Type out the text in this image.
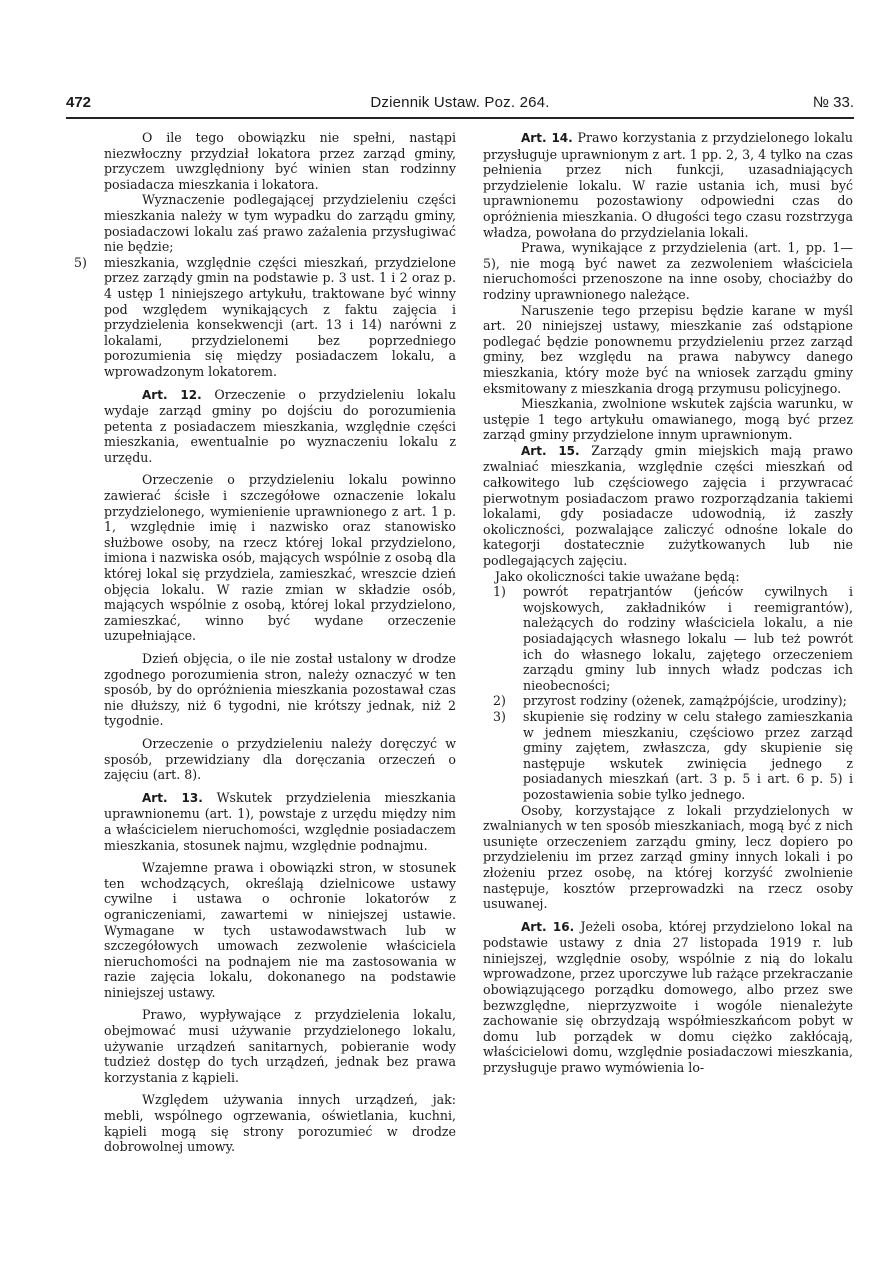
472	Dziennik Ustaw. Poz. 264.	№ 33.

O ile tego obowiązku nie spełni, nastąpi niezwłoczny przydział lokatora przez zarząd gminy, przyczem uwzględniony być winien stan rodzinny posiadacza mieszkania i lokatora.

Wyznaczenie podlegającej przydzieleniu części mieszkania należy w tym wypadku do zarządu gminy, posiadaczowi lokalu zaś prawo zażalenia przysługiwać nie będzie;

5) mieszkania, względnie części mieszkań, przydzielone przez zarządy gmin na podstawie p. 3 ust. 1 i 2 oraz p. 4 ustęp 1 niniejszego artykułu, traktowane być winny pod względem wynikających z faktu zajęcia i przydzielenia konsekwencji (art. 13 i 14) narówni z lokalami, przydzielonemi bez poprzedniego porozumienia się między posiadaczem lokalu, a wprowadzonym lokatorem.

Art. 12. Orzeczenie o przydzieleniu lokalu wydaje zarząd gminy po dojściu do porozumienia petenta z posiadaczem mieszkania, względnie części mieszkania, ewentualnie po wyznaczeniu lokalu z urzędu.

Orzeczenie o przydzieleniu lokalu powinno zawierać ścisłe i szczegółowe oznaczenie lokalu przydzielonego, wymienienie uprawnionego z art. 1 p. 1, względnie imię i nazwisko oraz stanowisko służbowe osoby, na rzecz której lokal przydzielono, imiona i nazwiska osób, mających wspólnie z osobą dla której lokal się przydziela, zamieszkać, wreszcie dzień objęcia lokalu. W razie zmian w składzie osób, mających wspólnie z osobą, której lokal przydzielono, zamieszkać, winno być wydane orzeczenie uzupełniające.

Dzień objęcia, o ile nie został ustalony w drodze zgodnego porozumienia stron, należy oznaczyć w ten sposób, by do opróżnienia mieszkania pozostawał czas nie dłuższy, niż 6 tygodni, nie krótszy jednak, niż 2 tygodnie.

Orzeczenie o przydzieleniu należy doręczyć w sposób, przewidziany dla doręczania orzeczeń o zajęciu (art. 8).

Art. 13. Wskutek przydzielenia mieszkania uprawnionemu (art. 1), powstaje z urzędu między nim a właścicielem nieruchomości, względnie posiadaczem mieszkania, stosunek najmu, względnie podnajmu.

Wzajemne prawa i obowiązki stron, w stosunek ten wchodzących, określają dzielnicowe ustawy cywilne i ustawa o ochronie lokatorów z ograniczeniami, zawartemi w niniejszej ustawie. Wymagane w tych ustawodawstwach lub w szczegółowych umowach zezwolenie właściciela nieruchomości na podnajem nie ma zastosowania w razie zajęcia lokalu, dokonanego na podstawie niniejszej ustawy.

Prawo, wypływające z przydzielenia lokalu, obejmować musi używanie przydzielonego lokalu, używanie urządzeń sanitarnych, pobieranie wody tudzież dostęp do tych urządzeń, jednak bez prawa korzystania z kąpieli.

Względem używania innych urządzeń, jak: mebli, wspólnego ogrzewania, oświetlania, kuchni, kąpieli mogą się strony porozumieć w drodze dobrowolnej umowy.

Art. 14. Prawo korzystania z przydzielonego lokalu przysługuje uprawnionym z art. 1 pp. 2, 3, 4 tylko na czas pełnienia przez nich funkcji, uzasadniających przydzielenie lokalu. W razie ustania ich, musi być uprawnionemu pozostawiony odpowiedni czas do opróżnienia mieszkania. O długości tego czasu rozstrzyga władza, powołana do przydzielania lokali.

Prawa, wynikające z przydzielenia (art. 1, pp. 1—5), nie mogą być nawet za zezwoleniem właściciela nieruchomości przenoszone na inne osoby, chociażby do rodziny uprawnionego należące.

Naruszenie tego przepisu będzie karane w myśl art. 20 niniejszej ustawy, mieszkanie zaś odstąpione podlegać będzie ponownemu przydzieleniu przez zarząd gminy, bez względu na prawa nabywcy danego mieszkania, który może być na wniosek zarządu gminy eksmitowany z mieszkania drogą przymusu policyjnego.

Mieszkania, zwolnione wskutek zajścia warunku, w ustępie 1 tego artykułu omawianego, mogą być przez zarząd gminy przydzielone innym uprawnionym.

Art. 15. Zarządy gmin miejskich mają prawo zwalniać mieszkania, względnie części mieszkań od całkowitego lub częściowego zajęcia i przywracać pierwotnym posiadaczom prawo rozporządzania takiemi lokalami, gdy posiadacze udowodnią, iż zaszły okoliczności, pozwalające zaliczyć odnośne lokale do kategorji dostatecznie zużytkowanych lub nie podlegających zajęciu.

Jako okoliczności takie uważane będą:

1) powrót repatrjantów (jeńców cywilnych i wojskowych, zakładników i reemigrantów), należących do rodziny właściciela lokalu, a nie posiadających własnego lokalu — lub też powrót ich do własnego lokalu, zajętego orzeczeniem zarządu gminy lub innych władz podczas ich nieobecności;

2) przyrost rodziny (ożenek, zamążpójście, urodziny);

3) skupienie się rodziny w celu stałego zamieszkania w jednem mieszkaniu, częściowo przez zarząd gminy zajętem, zwłaszcza, gdy skupienie się następuje wskutek zwinięcia jednego z posiadanych mieszkań (art. 3 p. 5 i art. 6 p. 5) i pozostawienia sobie tylko jednego.

Osoby, korzystające z lokali przydzielonych w zwalnianych w ten sposób mieszkaniach, mogą być z nich usunięte orzeczeniem zarządu gminy, lecz dopiero po przydzieleniu im przez zarząd gminy innych lokali i po złożeniu przez osobę, na której korzyść zwolnienie następuje, kosztów przeprowadzki na rzecz osoby usuwanej.

Art. 16. Jeżeli osoba, której przydzielono lokal na podstawie ustawy z dnia 27 listopada 1919 r. lub niniejszej, względnie osoby, wspólnie z nią do lokalu wprowadzone, przez uporczywe lub rażące przekraczanie obowiązującego porządku domowego, albo przez swe bezwzględne, nieprzyzwoite i wogóle nienależyte zachowanie się obrzydzają współmieszkańcom pobyt w domu lub porządek w domu ciężko zakłócają, właścicielowi domu, względnie posiadaczowi mieszkania, przysługuje prawo wymówienia lo-
